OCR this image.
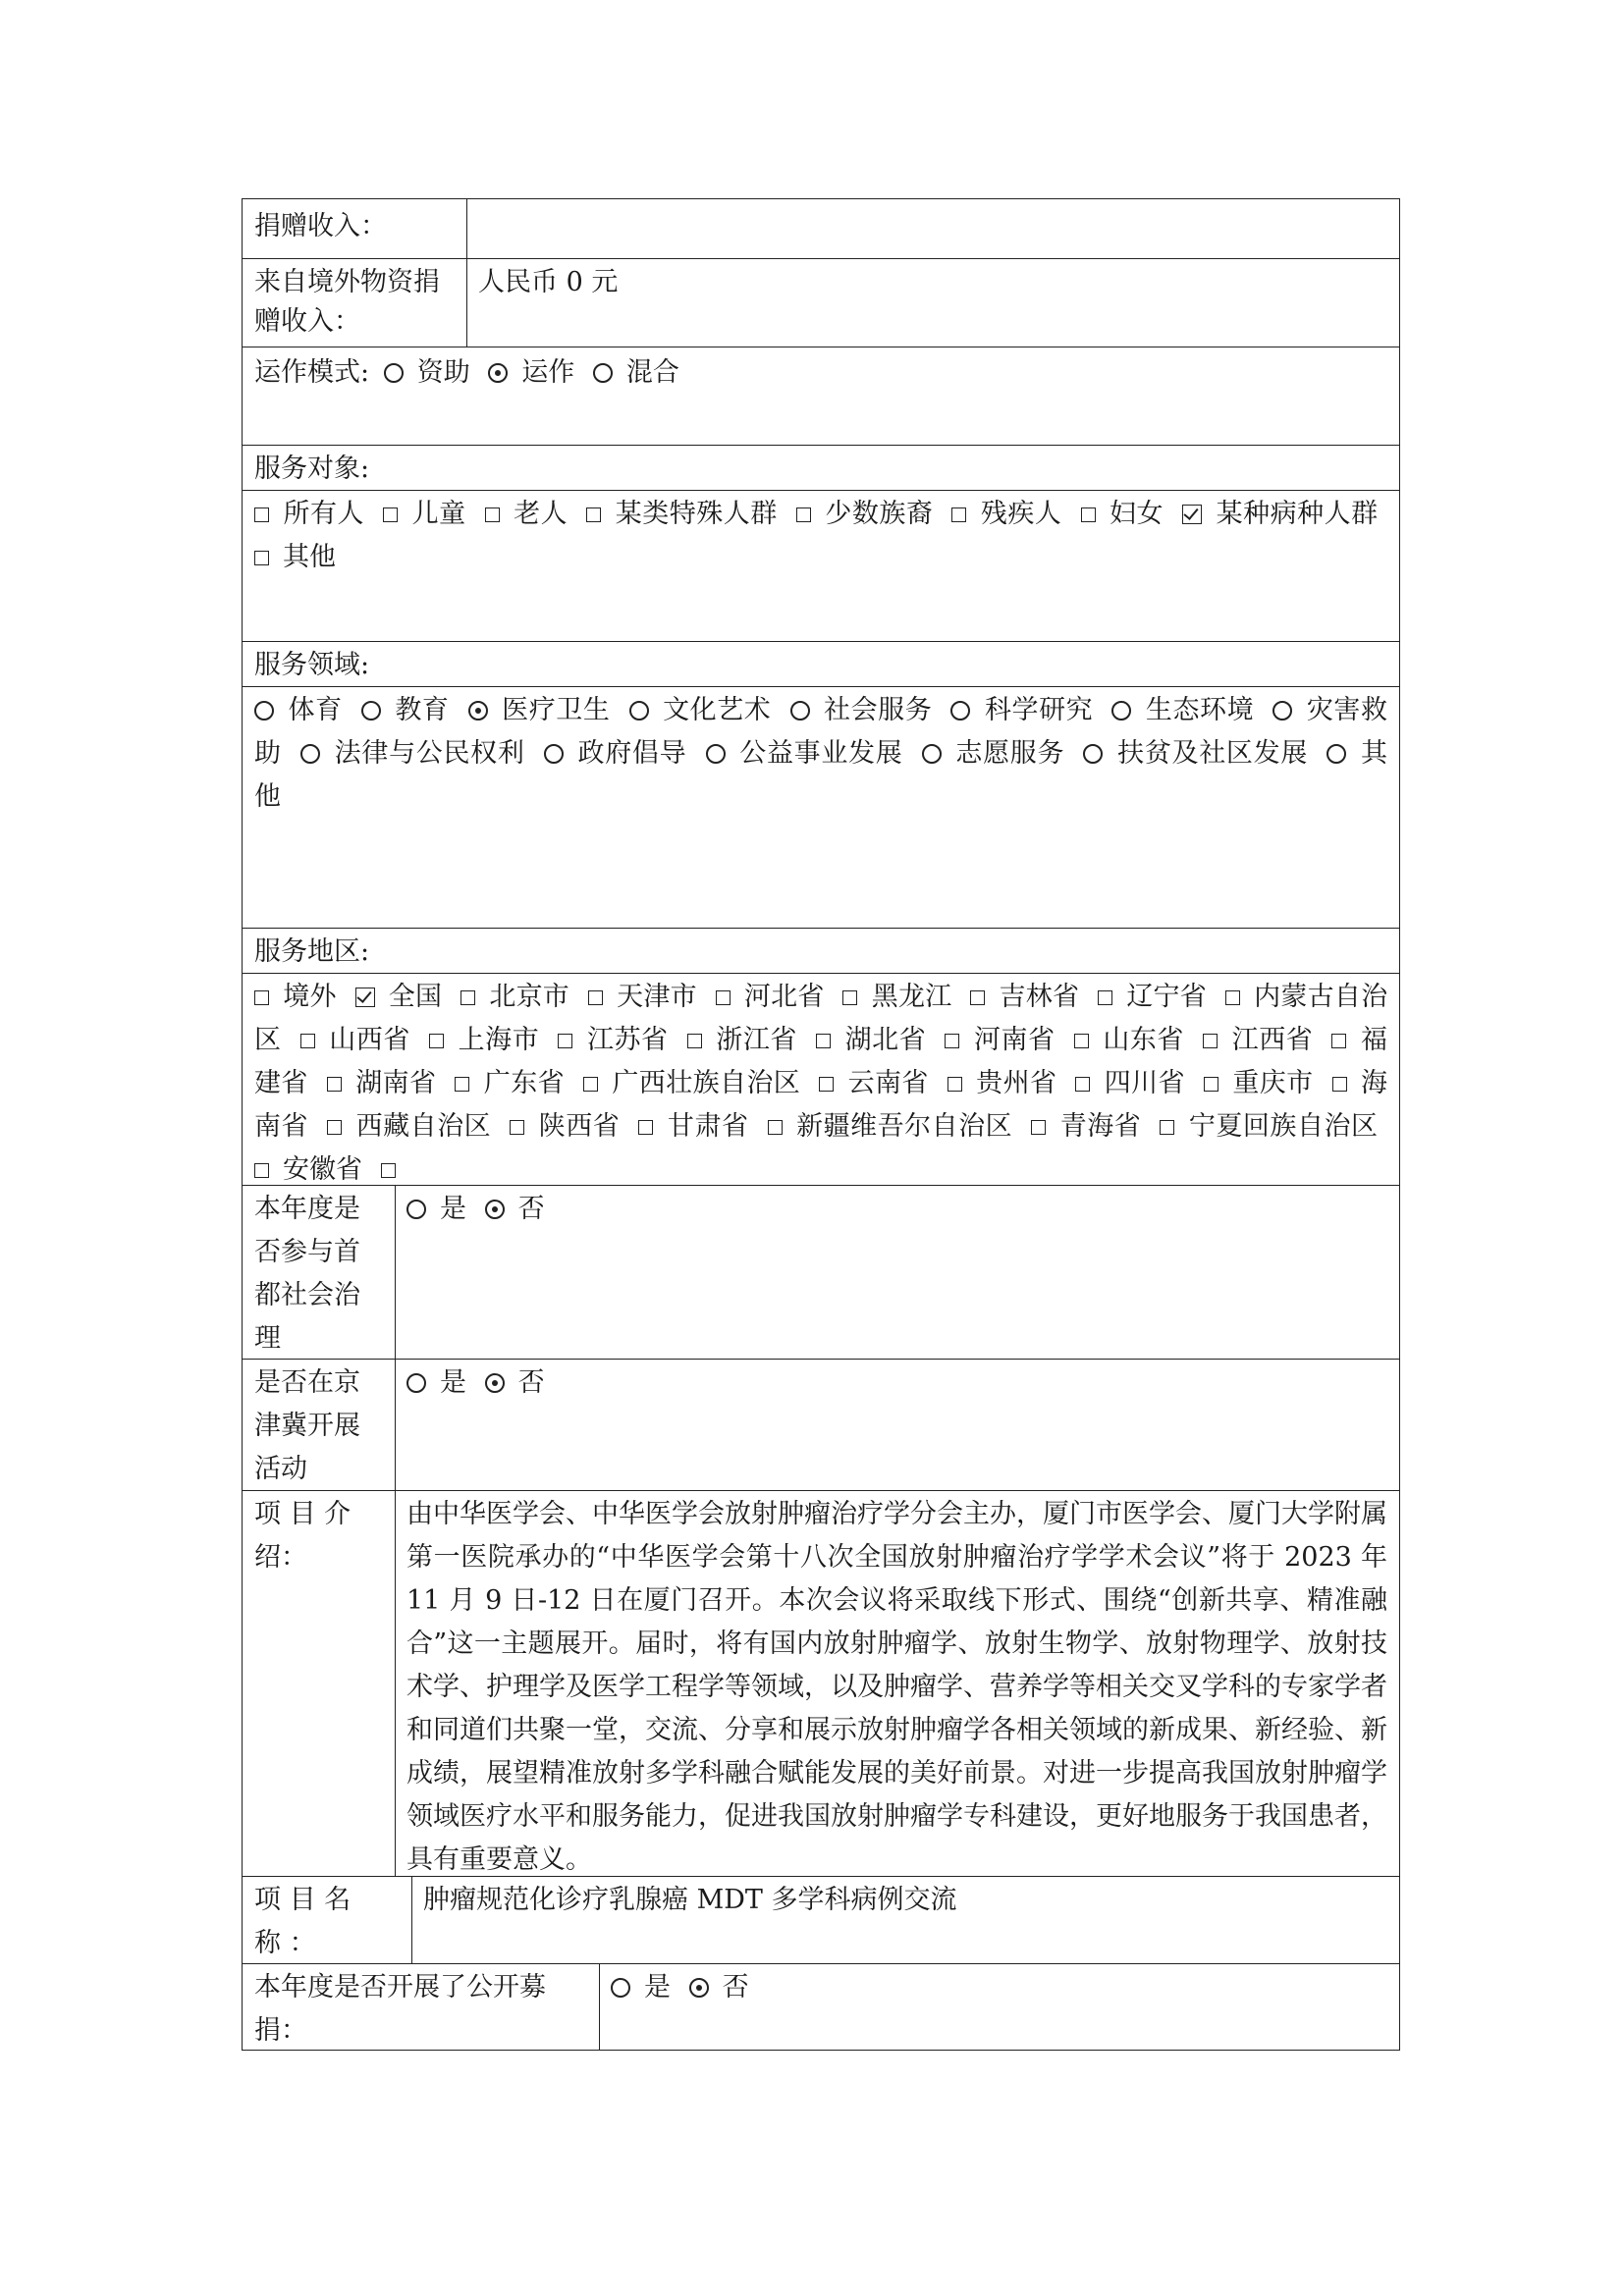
捐赠收入：
来自境外物资捐赠收入：
人民币 0 元
运作模式: 资助 运作 混合
服务对象:
所有人 儿童 老人 某类特殊人群 少数族裔 残疾人 妇女 某种病种人群 其他
服务领域:
体育 教育 医疗卫生 文化艺术 社会服务 科学研究 生态环境 灾害救助 法律与公民权利 政府倡导 公益事业发展 志愿服务 扶贫及社区发展 其他
服务地区:
境外 全国 北京市 天津市 河北省 黑龙江 吉林省 辽宁省 内蒙古自治区 山西省 上海市 江苏省 浙江省 湖北省 河南省 山东省 江西省 福建省 湖南省 广东省 广西壮族自治区 云南省 贵州省 四川省 重庆市 海南省 西藏自治区 陕西省 甘肃省 新疆维吾尔自治区 青海省 宁夏回族自治区 安徽省
本年度是否参与首都社会治理
是 否
是否在京津冀开展活动
是 否
项 目 介 绍：
由中华医学会、中华医学会放射肿瘤治疗学分会主办，厦门市医学会、厦门大学附属第一医院承办的“中华医学会第十八次全国放射肿瘤治疗学学术会议”将于 2023 年 11 月 9 日-12 日在厦门召开。本次会议将采取线下形式、围绕“创新共享、精准融合”这一主题展开。届时，将有国内放射肿瘤学、放射生物学、放射物理学、放射技术学、护理学及医学工程学等领域，以及肿瘤学、营养学等相关交叉学科的专家学者和同道们共聚一堂，交流、分享和展示放射肿瘤学各相关领域的新成果、新经验、新成绩，展望精准放射多学科融合赋能发展的美好前景。对进一步提高我国放射肿瘤学领域医疗水平和服务能力，促进我国放射肿瘤学专科建设，更好地服务于我国患者，具有重要意义。
项 目 名 称 ：
肿瘤规范化诊疗乳腺癌 MDT 多学科病例交流
本年度是否开展了公开募捐：
是 否
